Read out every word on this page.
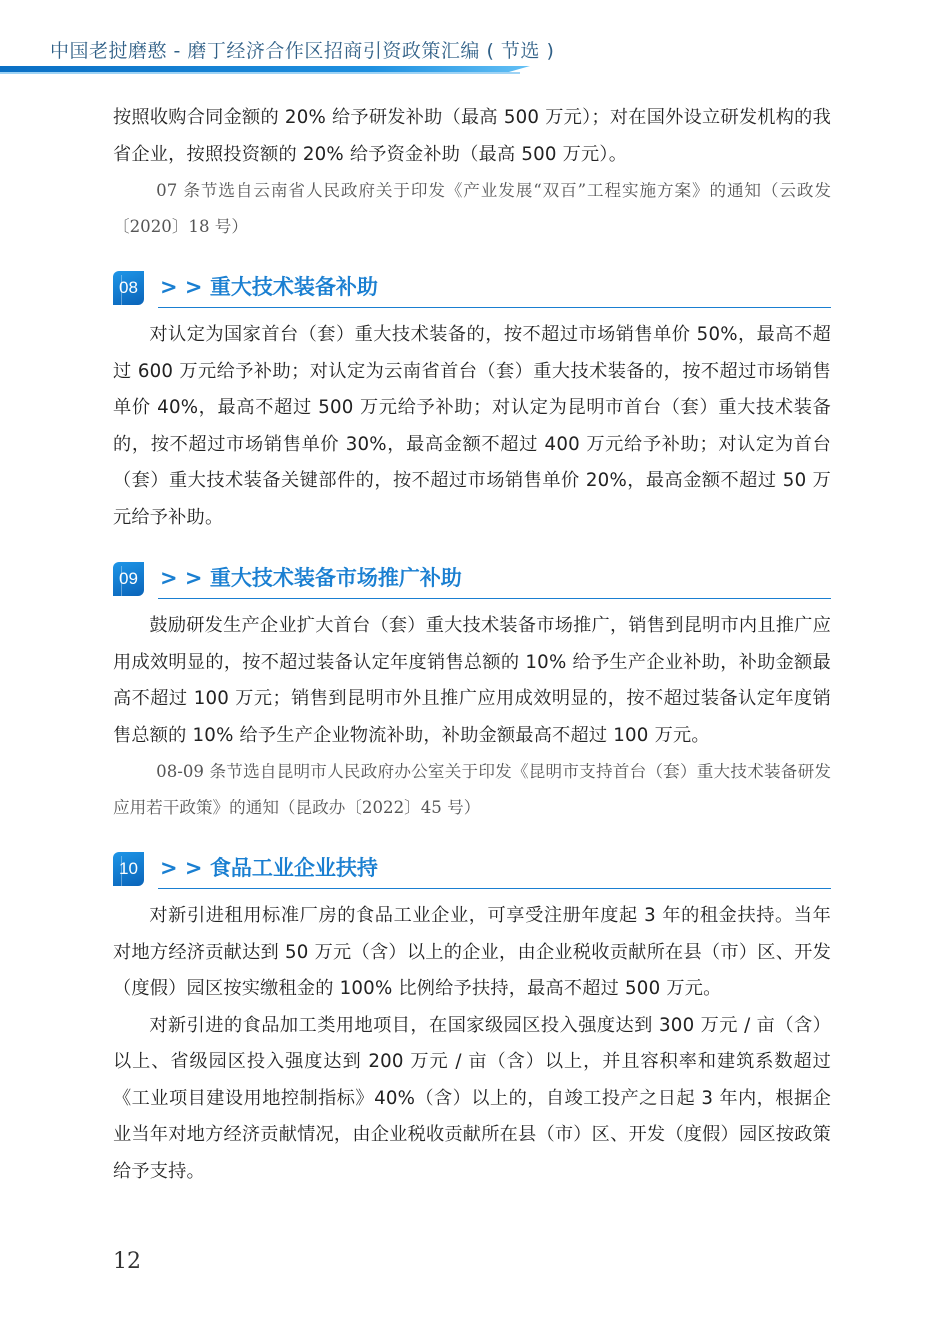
中国老挝磨憨 - 磨丁经济合作区招商引资政策汇编 ( 节选 )

按照收购合同金额的 20% 给予研发补助（最高 500 万元）；对在国外设立研发机构的我省企业，按照投资额的 20% 给予资金补助（最高 500 万元）。

07 条节选自云南省人民政府关于印发《产业发展“双百”工程实施方案》的通知（云政发〔2020〕18 号）

08 > > 重大技术装备补助

对认定为国家首台（套）重大技术装备的，按不超过市场销售单价 50%，最高不超过 600 万元给予补助；对认定为云南省首台（套）重大技术装备的，按不超过市场销售单价 40%，最高不超过 500 万元给予补助；对认定为昆明市首台（套）重大技术装备的，按不超过市场销售单价 30%，最高金额不超过 400 万元给予补助；对认定为首台（套）重大技术装备关键部件的，按不超过市场销售单价 20%，最高金额不超过 50 万元给予补助。

09 > > 重大技术装备市场推广补助

鼓励研发生产企业扩大首台（套）重大技术装备市场推广，销售到昆明市内且推广应用成效明显的，按不超过装备认定年度销售总额的 10% 给予生产企业补助，补助金额最高不超过 100 万元；销售到昆明市外且推广应用成效明显的，按不超过装备认定年度销售总额的 10% 给予生产企业物流补助，补助金额最高不超过 100 万元。

08-09 条节选自昆明市人民政府办公室关于印发《昆明市支持首台（套）重大技术装备研发应用若干政策》的通知（昆政办〔2022〕45 号）

10 > > 食品工业企业扶持

对新引进租用标准厂房的食品工业企业，可享受注册年度起 3 年的租金扶持。当年对地方经济贡献达到 50 万元（含）以上的企业，由企业税收贡献所在县（市）区、开发（度假）园区按实缴租金的 100% 比例给予扶持，最高不超过 500 万元。

对新引进的食品加工类用地项目，在国家级园区投入强度达到 300 万元 / 亩（含）以上、省级园区投入强度达到 200 万元 / 亩（含）以上，并且容积率和建筑系数超过《工业项目建设用地控制指标》40%（含）以上的，自竣工投产之日起 3 年内，根据企业当年对地方经济贡献情况，由企业税收贡献所在县（市）区、开发（度假）园区按政策给予支持。

12
